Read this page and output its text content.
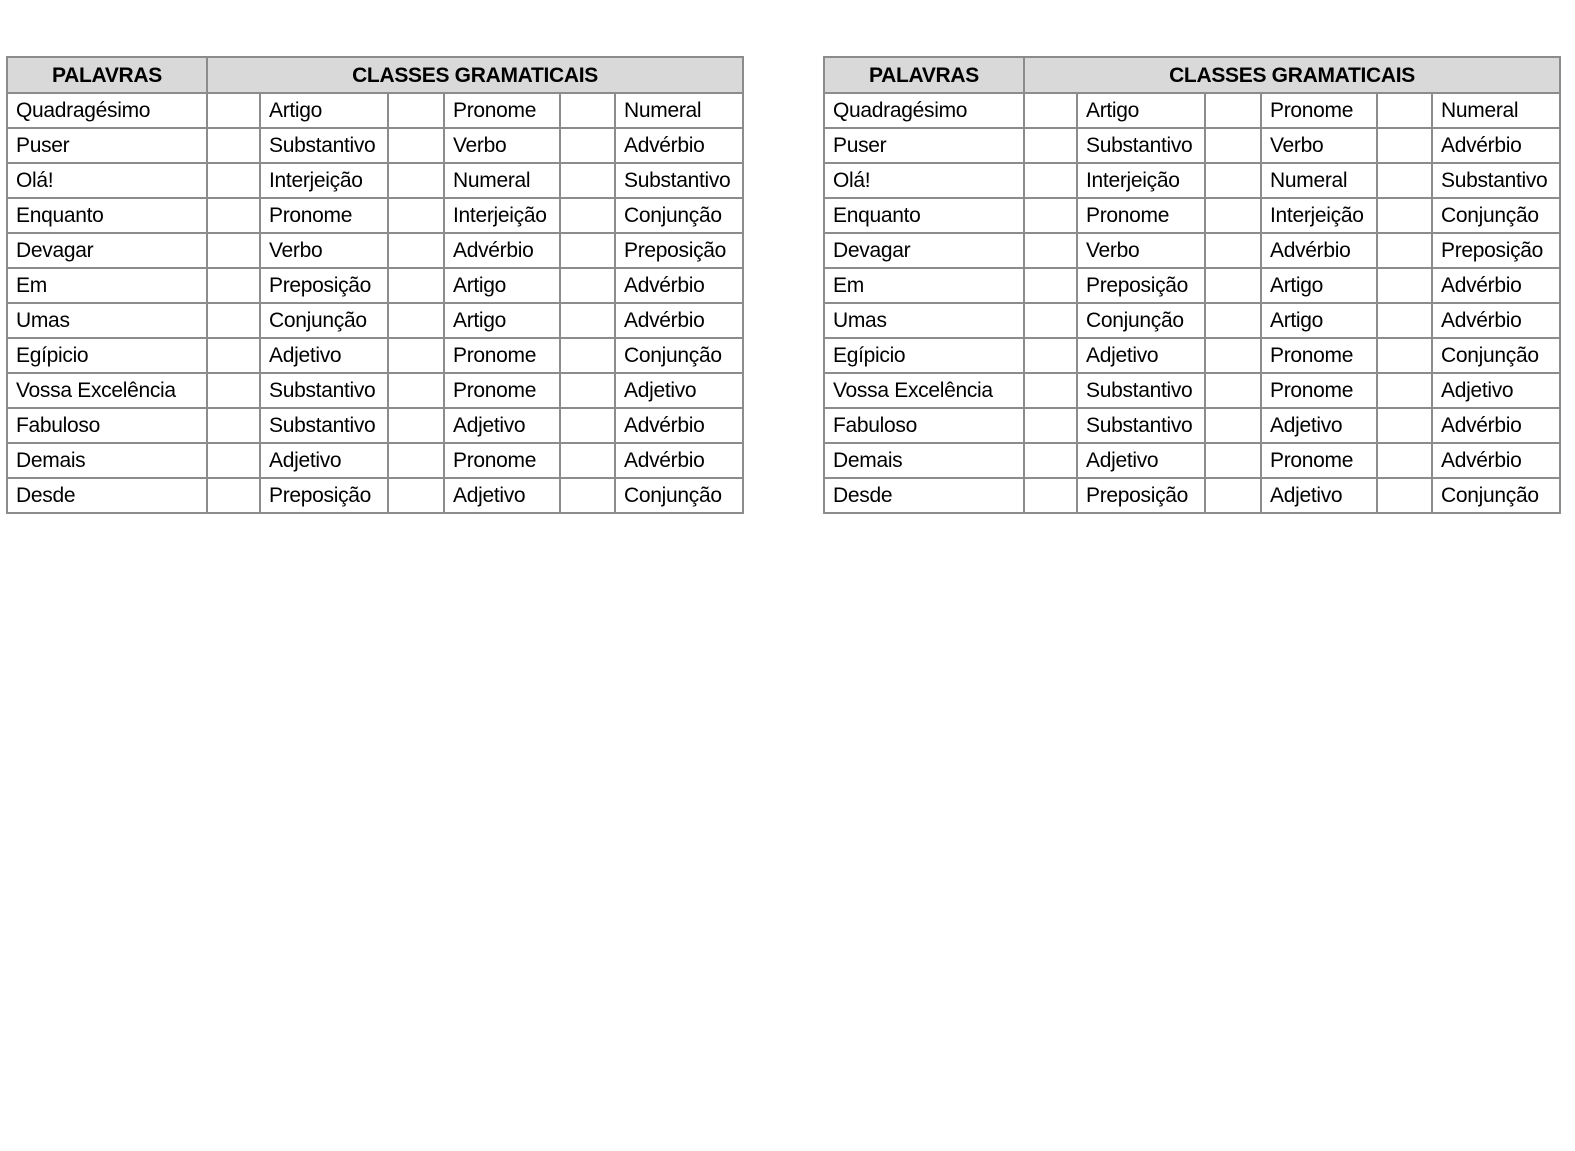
PALAVRAS	CLASSES GRAMATICAIS					
Quadragésimo		Artigo		Pronome		Numeral
Puser		Substantivo		Verbo		Advérbio
Olá!		Interjeição		Numeral		Substantivo
Enquanto		Pronome		Interjeição		Conjunção
Devagar		Verbo		Advérbio		Preposição
Em		Preposição		Artigo		Advérbio
Umas		Conjunção		Artigo		Advérbio
Egípicio		Adjetivo		Pronome		Conjunção
Vossa Excelência		Substantivo		Pronome		Adjetivo
Fabuloso		Substantivo		Adjetivo		Advérbio
Demais		Adjetivo		Pronome		Advérbio
Desde		Preposição		Adjetivo		Conjunção
PALAVRAS	CLASSES GRAMATICAIS					
Quadragésimo		Artigo		Pronome		Numeral
Puser		Substantivo		Verbo		Advérbio
Olá!		Interjeição		Numeral		Substantivo
Enquanto		Pronome		Interjeição		Conjunção
Devagar		Verbo		Advérbio		Preposição
Em		Preposição		Artigo		Advérbio
Umas		Conjunção		Artigo		Advérbio
Egípicio		Adjetivo		Pronome		Conjunção
Vossa Excelência		Substantivo		Pronome		Adjetivo
Fabuloso		Substantivo		Adjetivo		Advérbio
Demais		Adjetivo		Pronome		Advérbio
Desde		Preposição		Adjetivo		Conjunção
